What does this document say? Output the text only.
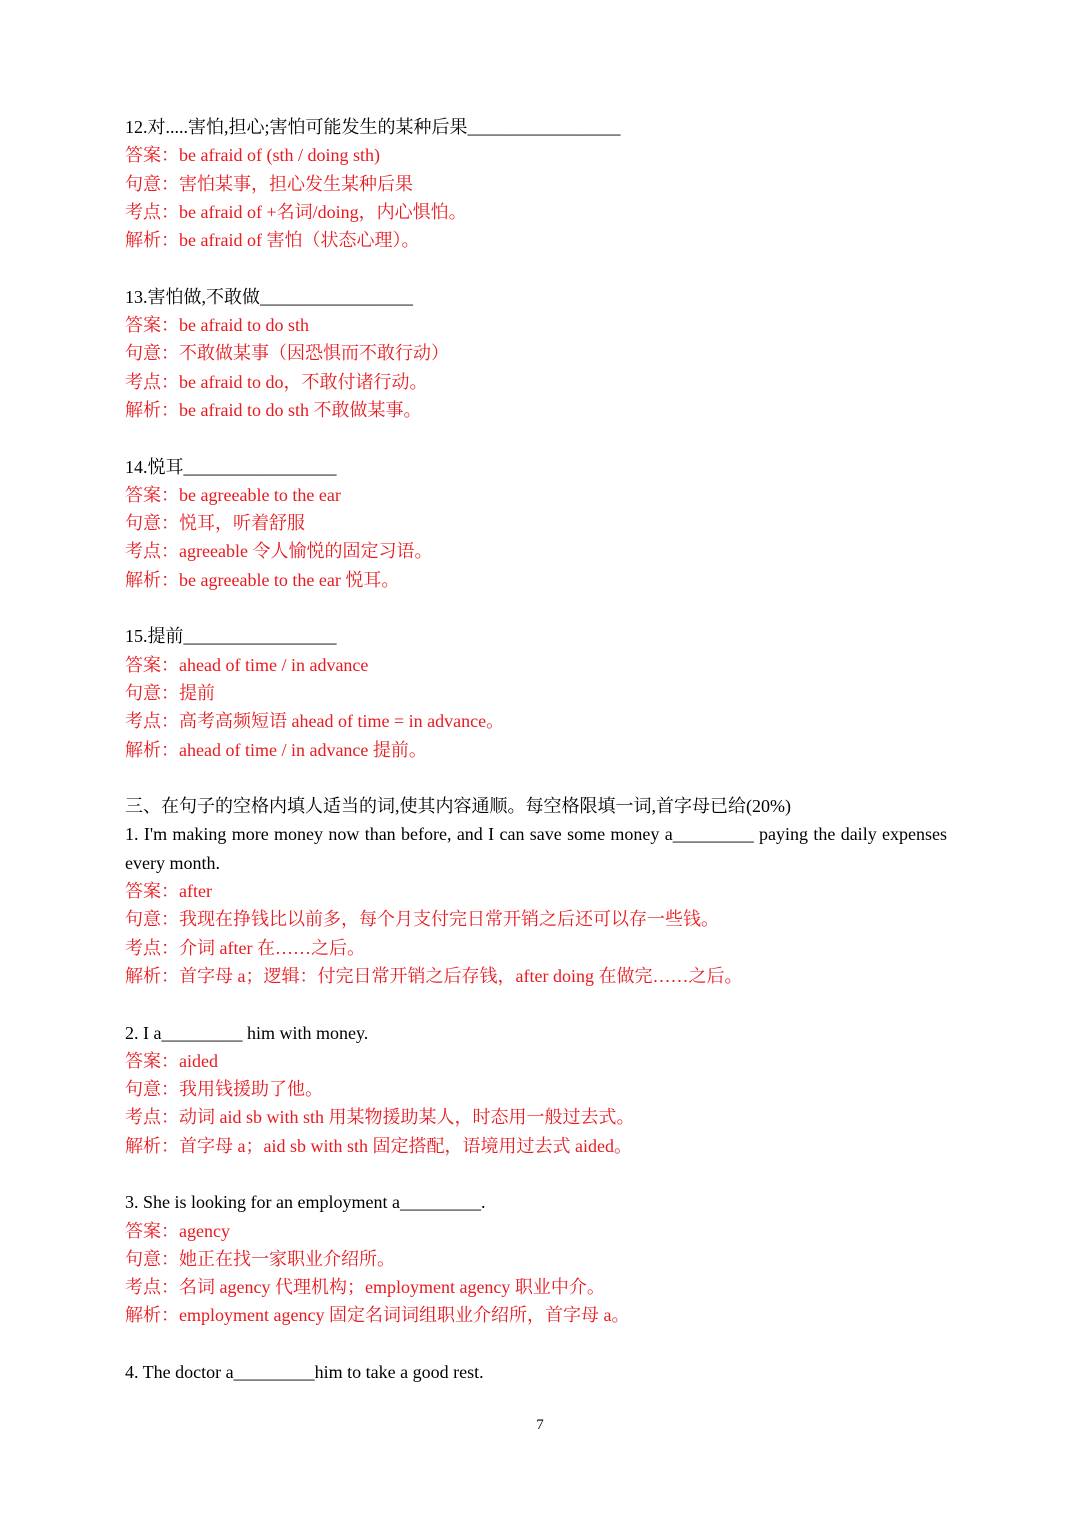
12.对.....害怕,担心;害怕可能发生的某种后果_________________

答案：be afraid of (sth / doing sth)

句意：害怕某事，担心发生某种后果

考点：be afraid of +名词/doing，内心惧怕。

解析：be afraid of 害怕（状态心理）。

13.害怕做,不敢做_________________

答案：be afraid to do sth

句意：不敢做某事（因恐惧而不敢行动）

考点：be afraid to do，不敢付诸行动。

解析：be afraid to do sth 不敢做某事。

14.悦耳_________________

答案：be agreeable to the ear

句意：悦耳，听着舒服

考点：agreeable 令人愉悦的固定习语。

解析：be agreeable to the ear 悦耳。

15.提前_________________

答案：ahead of time / in advance

句意：提前

考点：高考高频短语 ahead of time = in advance。

解析：ahead of time / in advance 提前。

三、在句子的空格内填人适当的词,使其内容通顺。每空格限填一词,首字母已给(20%)

1. I'm making more money now than before, and I can save some money a_________ paying the daily expenses every month.

答案：after

句意：我现在挣钱比以前多，每个月支付完日常开销之后还可以存一些钱。

考点：介词 after 在……之后。

解析：首字母 a；逻辑：付完日常开销之后存钱，after doing 在做完……之后。

2. I a_________ him with money.

答案：aided

句意：我用钱援助了他。

考点：动词 aid sb with sth 用某物援助某人，时态用一般过去式。

解析：首字母 a；aid sb with sth 固定搭配，语境用过去式 aided。

3. She is looking for an employment a_________.

答案：agency

句意：她正在找一家职业介绍所。

考点：名词 agency 代理机构；employment agency 职业中介。

解析：employment agency 固定名词词组职业介绍所，首字母 a。

4. The doctor a_________him to take a good rest.

7
